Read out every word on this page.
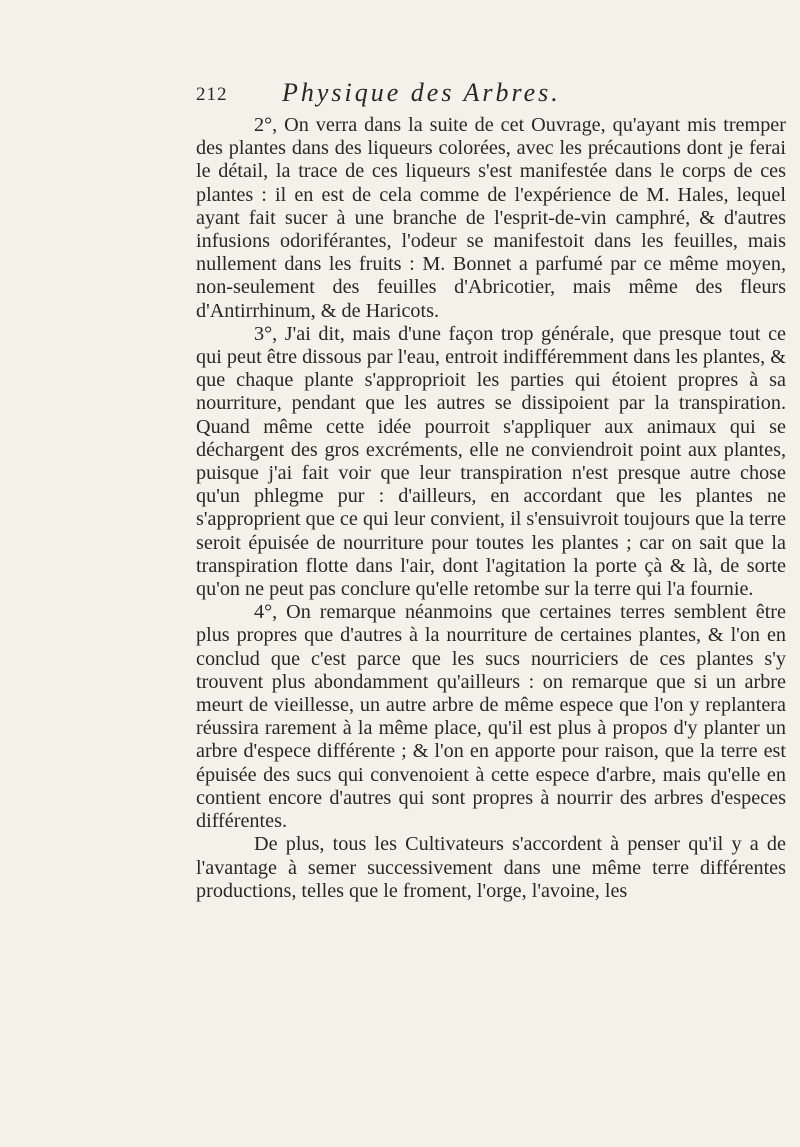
212 Physique des Arbres.

2°, On verra dans la suite de cet Ouvrage, qu'ayant mis tremper des plantes dans des liqueurs colorées, avec les précautions dont je ferai le détail, la trace de ces liqueurs s'est manifestée dans le corps de ces plantes : il en est de cela comme de l'expérience de M. Hales, lequel ayant fait sucer à une branche de l'esprit-de-vin camphré, & d'autres infusions odoriférantes, l'odeur se manifestoit dans les feuilles, mais nullement dans les fruits : M. Bonnet a parfumé par ce même moyen, non-seulement des feuilles d'Abricotier, mais même des fleurs d'Antirrhinum, & de Haricots.

3°, J'ai dit, mais d'une façon trop générale, que presque tout ce qui peut être dissous par l'eau, entroit indifféremment dans les plantes, & que chaque plante s'approprioit les parties qui étoient propres à sa nourriture, pendant que les autres se dissipoient par la transpiration. Quand même cette idée pourroit s'appliquer aux animaux qui se déchargent des gros excréments, elle ne conviendroit point aux plantes, puisque j'ai fait voir que leur transpiration n'est presque autre chose qu'un phlegme pur : d'ailleurs, en accordant que les plantes ne s'approprient que ce qui leur convient, il s'ensuivroit toujours que la terre seroit épuisée de nourriture pour toutes les plantes ; car on sait que la transpiration flotte dans l'air, dont l'agitation la porte çà & là, de sorte qu'on ne peut pas conclure qu'elle retombe sur la terre qui l'a fournie.

4°, On remarque néanmoins que certaines terres semblent être plus propres que d'autres à la nourriture de certaines plantes, & l'on en conclud que c'est parce que les sucs nourriciers de ces plantes s'y trouvent plus abondamment qu'ailleurs : on remarque que si un arbre meurt de vieillesse, un autre arbre de même espece que l'on y replantera réussira rarement à la même place, qu'il est plus à propos d'y planter un arbre d'espece différente ; & l'on en apporte pour raison, que la terre est épuisée des sucs qui convenoient à cette espece d'arbre, mais qu'elle en contient encore d'autres qui sont propres à nourrir des arbres d'especes différentes.

De plus, tous les Cultivateurs s'accordent à penser qu'il y a de l'avantage à semer successivement dans une même terre différentes productions, telles que le froment, l'orge, l'avoine, les
